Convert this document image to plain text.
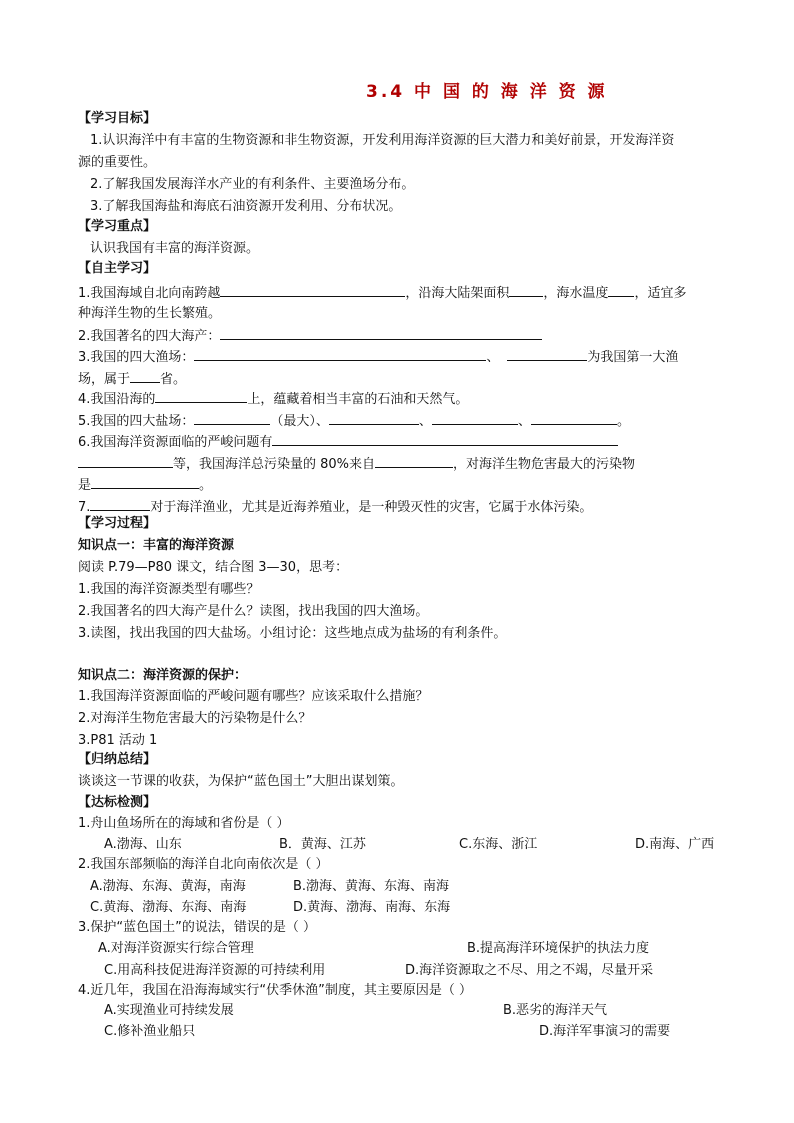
3.4 中 国 的 海 洋 资 源
【学习目标】
1.认识海洋中有丰富的生物资源和非生物资源，开发利用海洋资源的巨大潜力和美好前景，开发海洋资
源的重要性。
2.了解我国发展海洋水产业的有利条件、主要渔场分布。
3.了解我国海盐和海底石油资源开发利用、分布状况。
【学习重点】
认识我国有丰富的海洋资源。
【自主学习】
1.我国海域自北向南跨越	，沿海大陆架面积	，海水温度 ，适宜多
种海洋生物的生长繁殖。
2.我国著名的四大海产：
3.我国的四大渔场：	、	为我国第一大渔
场，属于 省。
4.我国沿海的	上，蕴藏着相当丰富的石油和天然气。
5.我国的四大盐场：	（最大）、	、	、	。
6.我国海洋资源面临的严峻问题有
等，我国海洋总污染量的 80%来自	，对海洋生物危害最大的污染物
是	。
7.	对于海洋渔业，尤其是近海养殖业，是一种毁灭性的灾害，它属于水体污染。
【学习过程】
知识点一：丰富的海洋资源
阅读 P.79—P80 课文，结合图 3—30，思考：
1.我国的海洋资源类型有哪些？
2.我国著名的四大海产是什么？读图，找出我国的四大渔场。
3.读图，找出我国的四大盐场。小组讨论：这些地点成为盐场的有利条件。
知识点二：海洋资源的保护：
1.我国海洋资源面临的严峻问题有哪些？应该采取什么措施？
2.对海洋生物危害最大的污染物是什么？
3.P81 活动 1
【归纳总结】
谈谈这一节课的收获，为保护“蓝色国土”大胆出谋划策。
【达标检测】
1.舟山鱼场所在的海域和省份是（ ）
A.渤海、山东	B．黄海、江苏	C.东海、浙江	D.南海、广西
2.我国东部频临的海洋自北向南依次是（ ）
A.渤海、东海、黄海，南海	B.渤海、黄海、东海、南海
C.黄海、渤海、东海、南海	D.黄海、渤海、南海、东海
3.保护“蓝色国土”的说法，错误的是（ ）
A.对海洋资源实行综合管理	B.提高海洋环境保护的执法力度
C.用高科技促进海洋资源的可持续利用	D.海洋资源取之不尽、用之不竭，尽量开采
4.近几年，我国在沿海海域实行“伏季休渔”制度，其主要原因是（ ）
A.实现渔业可持续发展	B.恶劣的海洋天气
C.修补渔业船只	D.海洋军事演习的需要
